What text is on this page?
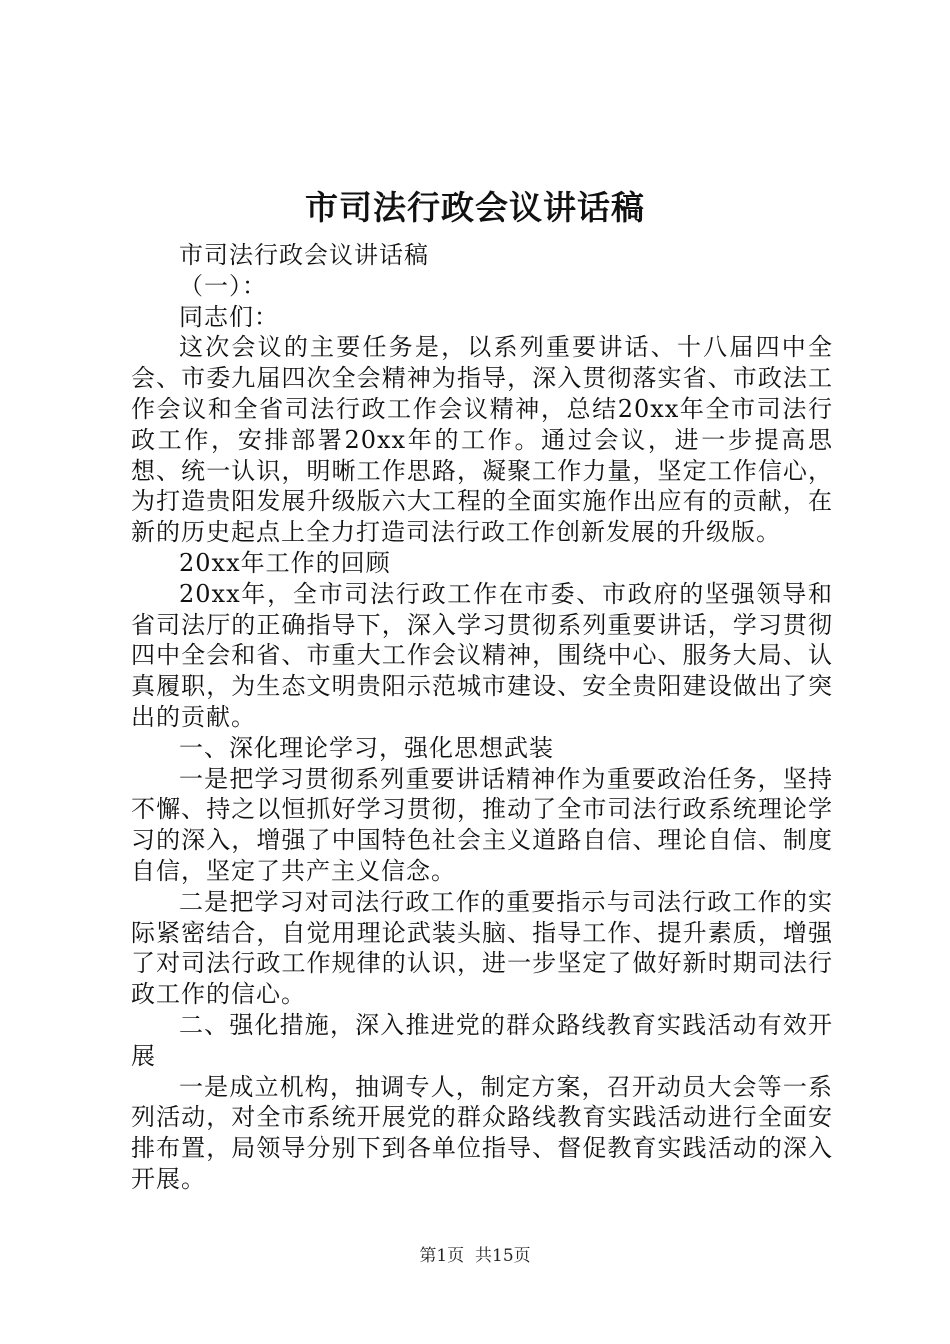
市司法行政会议讲话稿

市司法行政会议讲话稿

（一）：

同志们：

这次会议的主要任务是，以系列重要讲话、十八届四中全会、市委九届四次全会精神为指导，深入贯彻落实省、市政法工作会议和全省司法行政工作会议精神，总结20xx年全市司法行政工作，安排部署20xx年的工作。通过会议，进一步提高思想、统一认识，明晰工作思路，凝聚工作力量，坚定工作信心，为打造贵阳发展升级版六大工程的全面实施作出应有的贡献，在新的历史起点上全力打造司法行政工作创新发展的升级版。

20xx年工作的回顾

20xx年，全市司法行政工作在市委、市政府的坚强领导和省司法厅的正确指导下，深入学习贯彻系列重要讲话，学习贯彻四中全会和省、市重大工作会议精神，围绕中心、服务大局、认真履职，为生态文明贵阳示范城市建设、安全贵阳建设做出了突出的贡献。

一、深化理论学习，强化思想武装

一是把学习贯彻系列重要讲话精神作为重要政治任务，坚持不懈、持之以恒抓好学习贯彻，推动了全市司法行政系统理论学习的深入，增强了中国特色社会主义道路自信、理论自信、制度自信，坚定了共产主义信念。

二是把学习对司法行政工作的重要指示与司法行政工作的实际紧密结合，自觉用理论武装头脑、指导工作、提升素质，增强了对司法行政工作规律的认识，进一步坚定了做好新时期司法行政工作的信心。

二、强化措施，深入推进党的群众路线教育实践活动有效开展

一是成立机构，抽调专人，制定方案，召开动员大会等一系列活动，对全市系统开展党的群众路线教育实践活动进行全面安排布置，局领导分别下到各单位指导、督促教育实践活动的深入开展。

第1页 共15页
